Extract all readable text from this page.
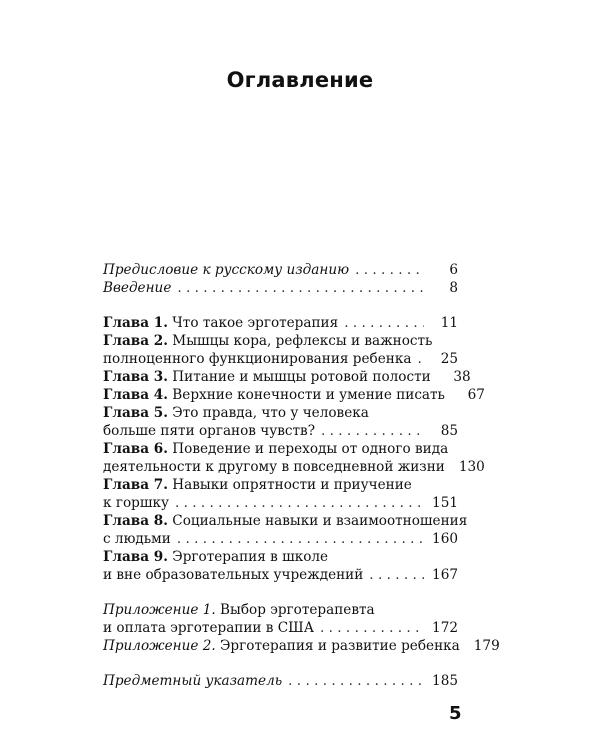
Оглавление
Предисловие к русскому изданию . . .	6
Введение . . .	8
Глава 1. Что такое эрготерапия . . .	11
Глава 2. Мышцы кора, рефлексы и важность
полноценного функционирования ребенка . . .	25
Глава 3. Питание и мышцы ротовой полости	38
Глава 4. Верхние конечности и умение писать	67
Глава 5. Это правда, что у человека
больше пяти органов чувств? . . .	85
Глава 6. Поведение и переходы от одного вида
деятельности к другому в повседневной жизни 130
Глава 7. Навыки опрятности и приучение
к горшку . . .	151
Глава 8. Социальные навыки и взаимоотношения
с людьми . . .	160
Глава 9. Эрготерапия в школе
и вне образовательных учреждений . . .	167
Приложение 1. Выбор эрготерапевта
и оплата эрготерапии в США . . .	172
Приложение 2. Эрготерапия и развитие ребенка 179
Предметный указатель . . .	185
5
